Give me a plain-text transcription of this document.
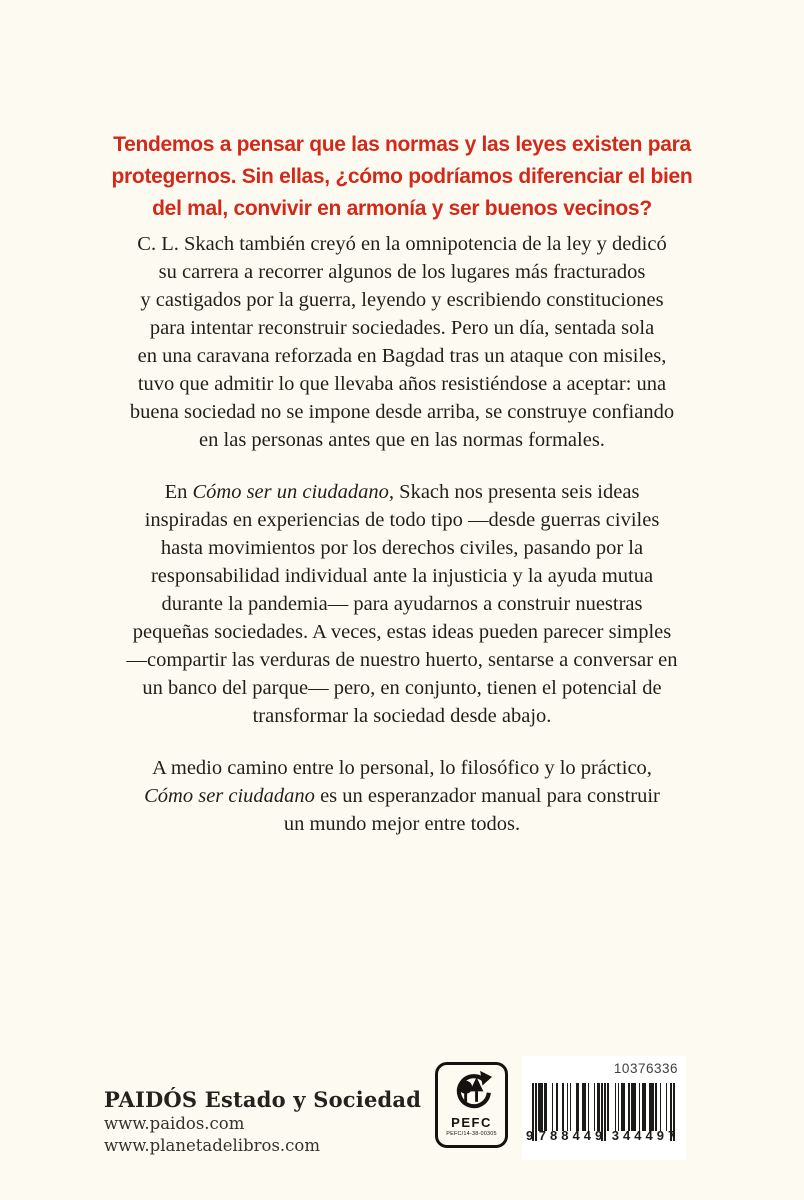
Tendemos a pensar que las normas y las leyes existen para
protegernos. Sin ellas, ¿cómo podríamos diferenciar el bien
del mal, convivir en armonía y ser buenos vecinos?

C. L. Skach también creyó en la omnipotencia de la ley y dedicó
su carrera a recorrer algunos de los lugares más fracturados
y castigados por la guerra, leyendo y escribiendo constituciones
para intentar reconstruir sociedades. Pero un día, sentada sola
en una caravana reforzada en Bagdad tras un ataque con misiles,
tuvo que admitir lo que llevaba años resistiéndose a aceptar: una
buena sociedad no se impone desde arriba, se construye confiando
en las personas antes que en las normas formales.

En Cómo ser un ciudadano, Skach nos presenta seis ideas
inspiradas en experiencias de todo tipo —desde guerras civiles
hasta movimientos por los derechos civiles, pasando por la
responsabilidad individual ante la injusticia y la ayuda mutua
durante la pandemia— para ayudarnos a construir nuestras
pequeñas sociedades. A veces, estas ideas pueden parecer simples
—compartir las verduras de nuestro huerto, sentarse a conversar en
un banco del parque— pero, en conjunto, tienen el potencial de
transformar la sociedad desde abajo.

A medio camino entre lo personal, lo filosófico y lo práctico,
Cómo ser ciudadano es un esperanzador manual para construir
un mundo mejor entre todos.

PAIDÓS Estado y Sociedad
www.paidos.com
www.planetadelibros.com
PEFC
PEFC/14-38-00305
10376336
9 788449 344497
